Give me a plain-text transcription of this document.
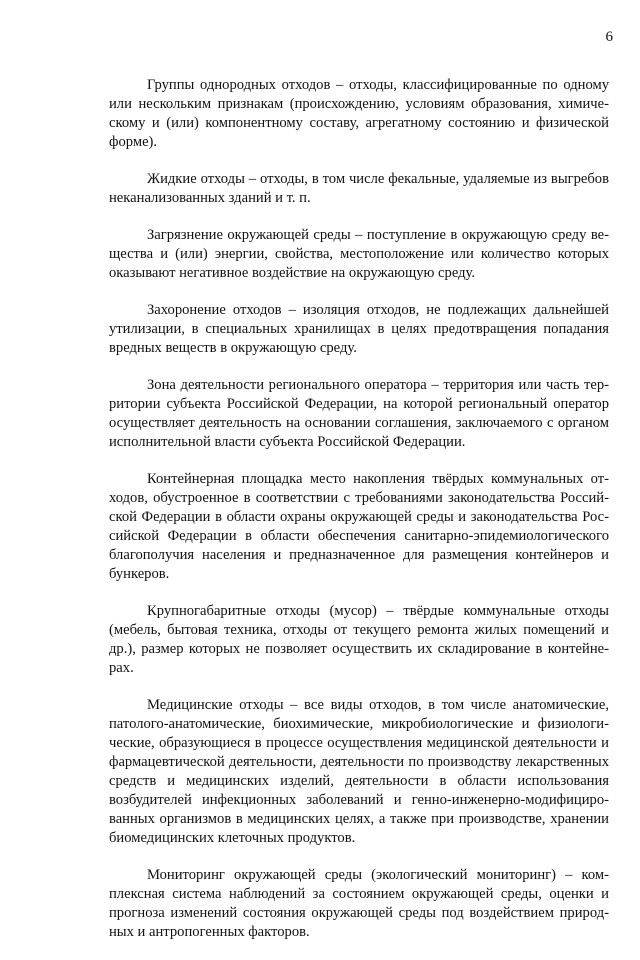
6

Группы однородных отходов – отходы, классифицированные по одному или нескольким признакам (происхождению, условиям образования, химическому и (или) компонентному составу, агрегатному состоянию и физической форме).

Жидкие отходы – отходы, в том числе фекальные, удаляемые из выгребов неканализованных зданий и т. п.

Загрязнение окружающей среды – поступление в окружающую среду вещества и (или) энергии, свойства, местоположение или количество которых оказывают негативное воздействие на окружающую среду.

Захоронение отходов – изоляция отходов, не подлежащих дальнейшей утилизации, в специальных хранилищах в целях предотвращения попадания вредных веществ в окружающую среду.

Зона деятельности регионального оператора – территория или часть территории субъекта Российской Федерации, на которой региональный оператор осуществляет деятельность на основании соглашения, заключаемого с органом исполнительной власти субъекта Российской Федерации.

Контейнерная площадка место накопления твёрдых коммунальных отходов, обустроенное в соответствии с требованиями законодательства Российской Федерации в области охраны окружающей среды и законодательства Российской Федерации в области обеспечения санитарно-эпидемиологического благополучия населения и предназначенное для размещения контейнеров и бункеров.

Крупногабаритные отходы (мусор) – твёрдые коммунальные отходы (мебель, бытовая техника, отходы от текущего ремонта жилых помещений и др.), размер которых не позволяет осуществить их складирование в контейнерах.

Медицинские отходы – все виды отходов, в том числе анатомические, патолого-анатомические, биохимические, микробиологические и физиологические, образующиеся в процессе осуществления медицинской деятельности и фармацевтической деятельности, деятельности по производству лекарственных средств и медицинских изделий, деятельности в области использования возбудителей инфекционных заболеваний и генно-инженерно-модифицированных организмов в медицинских целях, а также при производстве, хранении биомедицинских клеточных продуктов.

Мониторинг окружающей среды (экологический мониторинг) – комплексная система наблюдений за состоянием окружающей среды, оценки и прогноза изменений состояния окружающей среды под воздействием природных и антропогенных факторов.
